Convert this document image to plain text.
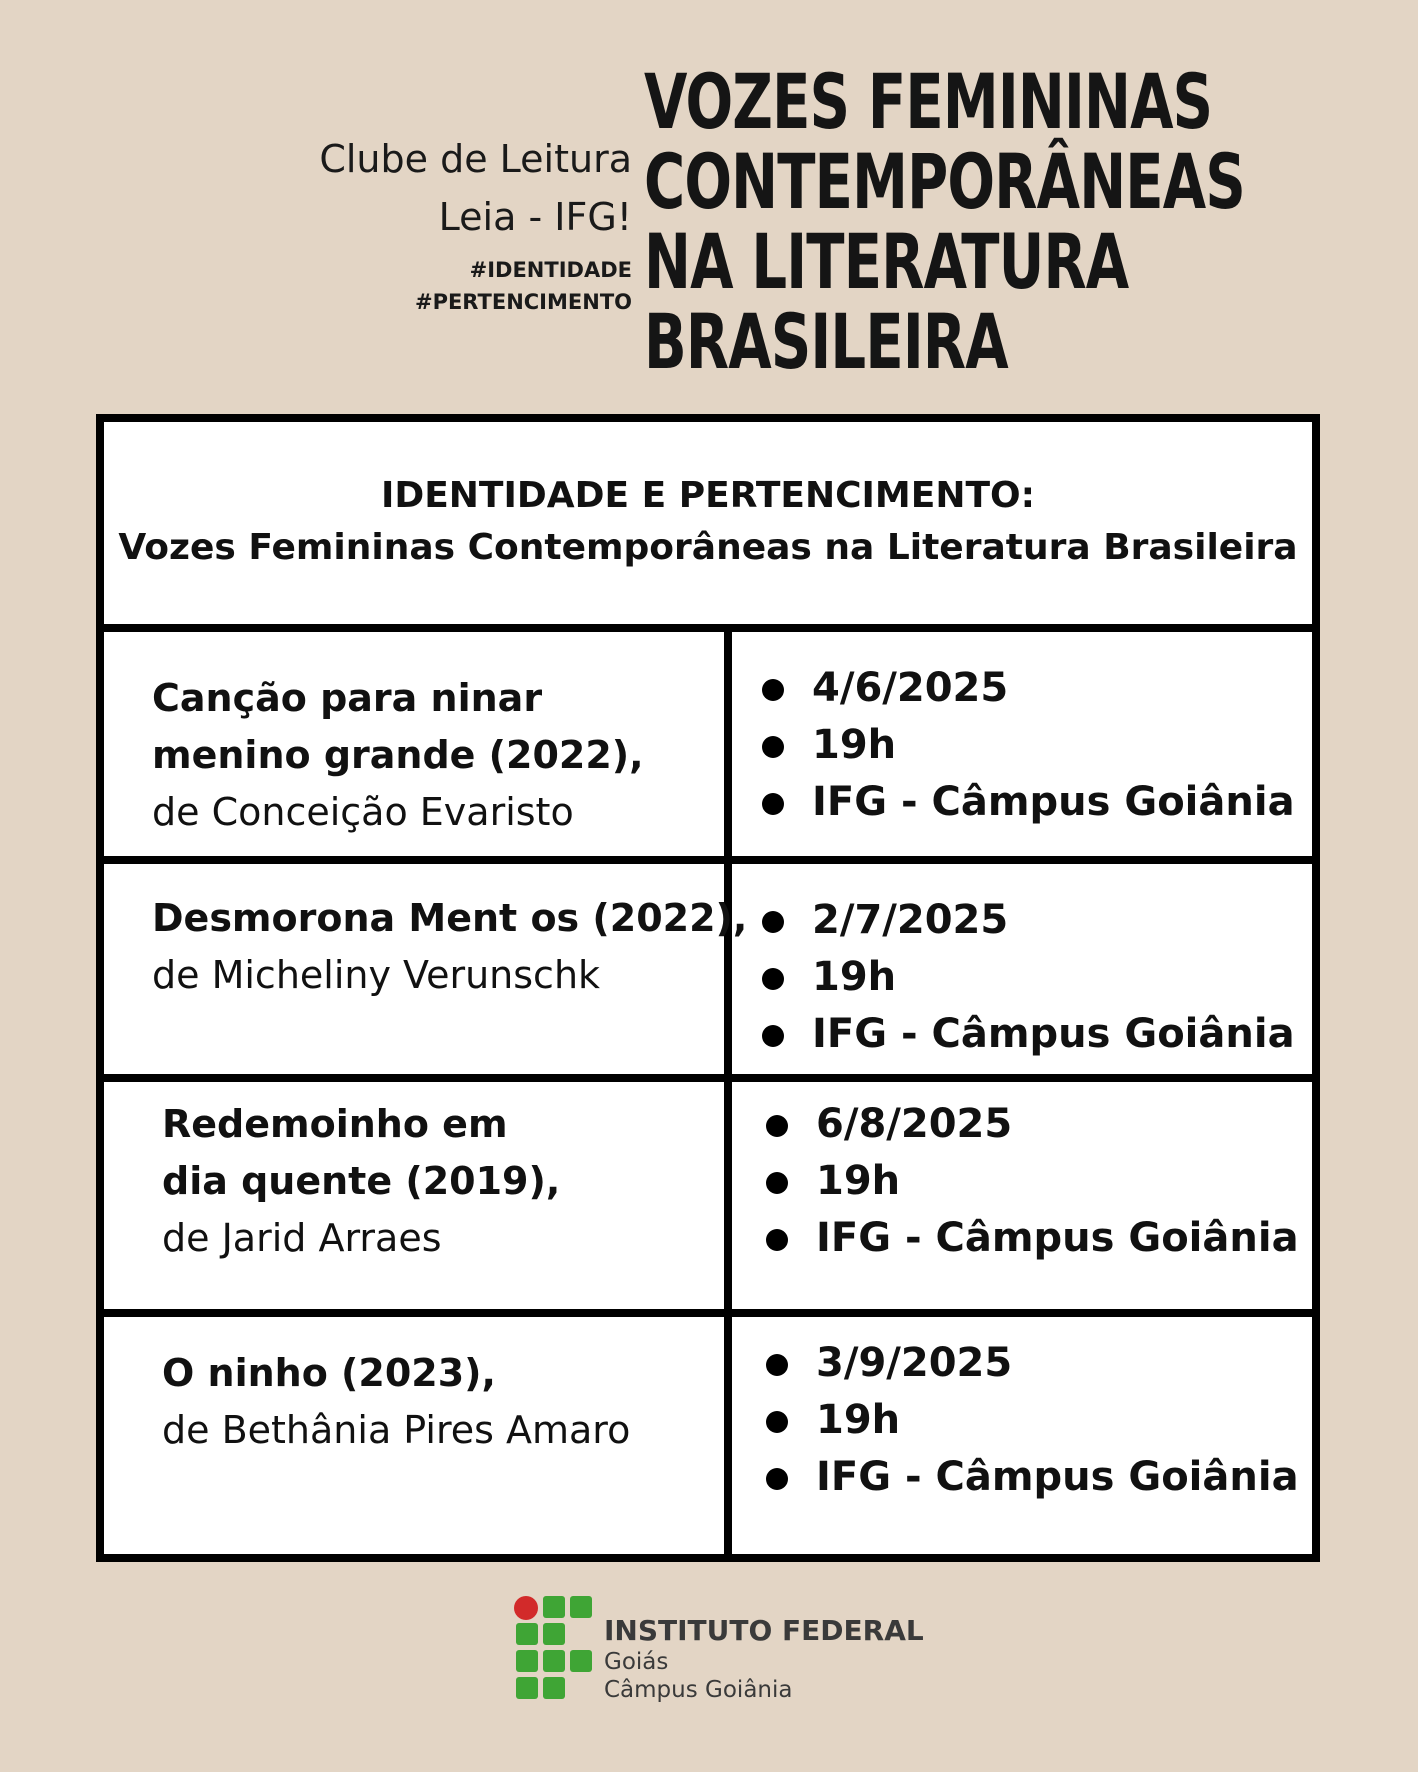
Clube de Leitura
Leia - IFG!
#IDENTIDADE
#PERTENCIMENTO
VOZES FEMININAS
CONTEMPORÂNEAS
NA LITERATURA
BRASILEIRA
IDENTIDADE E PERTENCIMENTO:
Vozes Femininas Contemporâneas na Literatura Brasileira
Canção para ninar
menino grande (2022),
de Conceição Evaristo
4/6/2025
19h
IFG - Câmpus Goiânia
Desmorona Ment os (2022),
de Micheliny Verunschk
2/7/2025
19h
IFG - Câmpus Goiânia
Redemoinho em
dia quente (2019),
de Jarid Arraes
6/8/2025
19h
IFG - Câmpus Goiânia
O ninho (2023),
de Bethânia Pires Amaro
3/9/2025
19h
IFG - Câmpus Goiânia
INSTITUTO FEDERAL
Goiás
Câmpus Goiânia
